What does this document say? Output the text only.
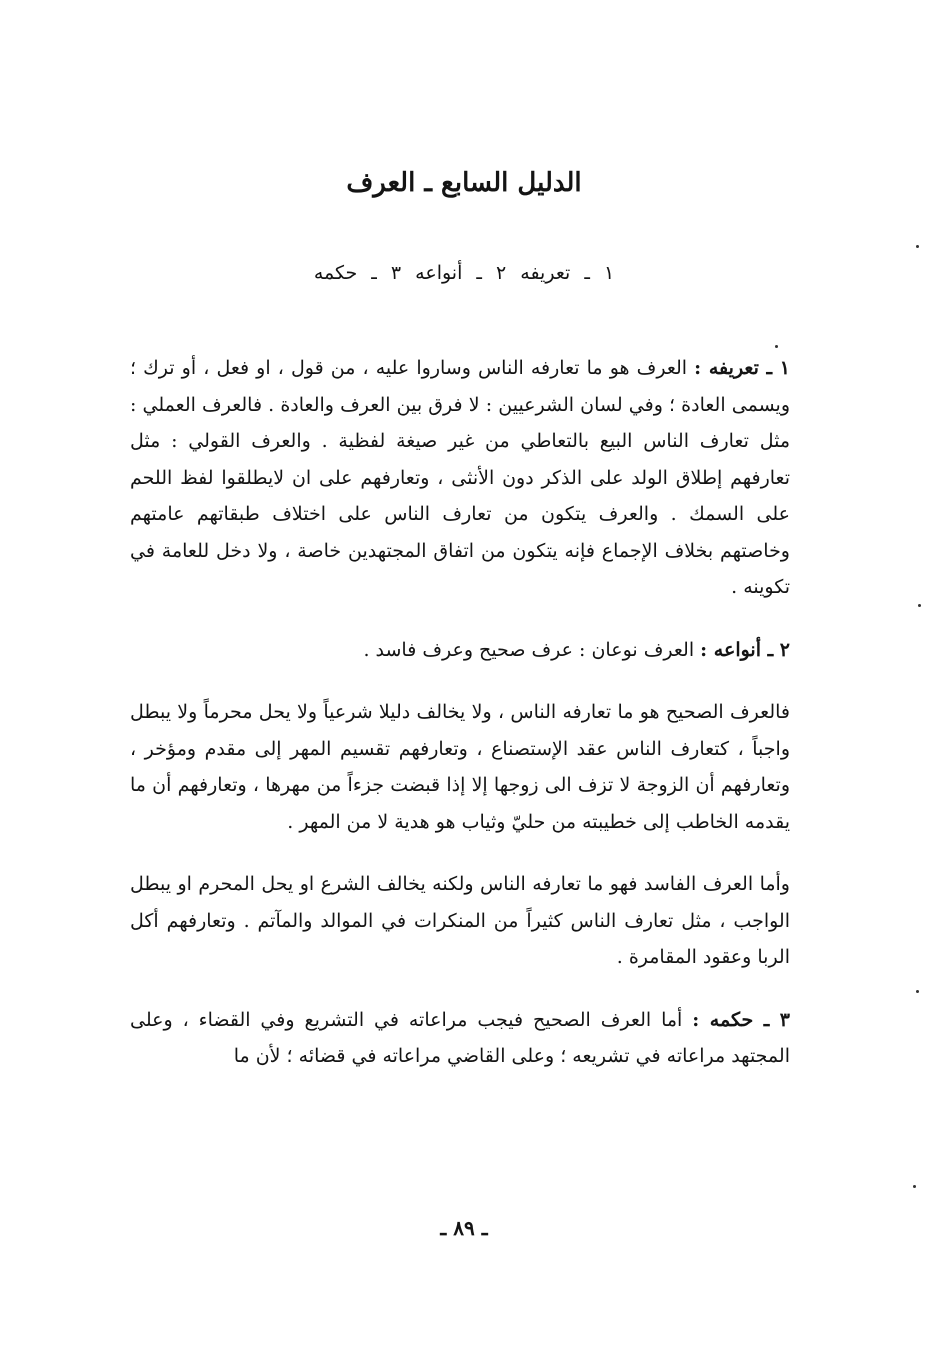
الدليل السابع ـ العرف

١ ـ تعريفه ٢ ـ أنواعه ٣ ـ حكمه

١ ـ تعريفه : العرف هو ما تعارفه الناس وساروا عليه ، من قول ، او فعل ، أو ترك ؛ ويسمى العادة ؛ وفي لسان الشرعيين : لا فرق بين العرف والعادة . فالعرف العملي : مثل تعارف الناس البيع بالتعاطي من غير صيغة لفظية . والعرف القولي : مثل تعارفهم إطلاق الولد على الذكر دون الأنثى ، وتعارفهم على ان لايطلقوا لفظ اللحم على السمك . والعرف يتكون من تعارف الناس على اختلاف طبقاتهم عامتهم وخاصتهم بخلاف الإجماع فإنه يتكون من اتفاق المجتهدين خاصة ، ولا دخل للعامة في تكوينه .

٢ ـ أنواعه : العرف نوعان : عرف صحيح وعرف فاسد .

فالعرف الصحيح هو ما تعارفه الناس ، ولا يخالف دليلا شرعياً ولا يحل محرماً ولا يبطل واجباً ، كتعارف الناس عقد الإستصناع ، وتعارفهم تقسيم المهر إلى مقدم ومؤخر ، وتعارفهم أن الزوجة لا تزف الى زوجها إلا إذا قبضت جزءاً من مهرها ، وتعارفهم أن ما يقدمه الخاطب إلى خطيبته من حليّ وثياب هو هدية لا من المهر .

وأما العرف الفاسد فهو ما تعارفه الناس ولكنه يخالف الشرع او يحل المحرم او يبطل الواجب ، مثل تعارف الناس كثيراً من المنكرات في الموالد والمآتم . وتعارفهم أكل الربا وعقود المقامرة .

٣ ـ حكمه : أما العرف الصحيح فيجب مراعاته في التشريع وفي القضاء ، وعلى المجتهد مراعاته في تشريعه ؛ وعلى القاضي مراعاته في قضائه ؛ لأن ما

ـ ٨٩ ـ
